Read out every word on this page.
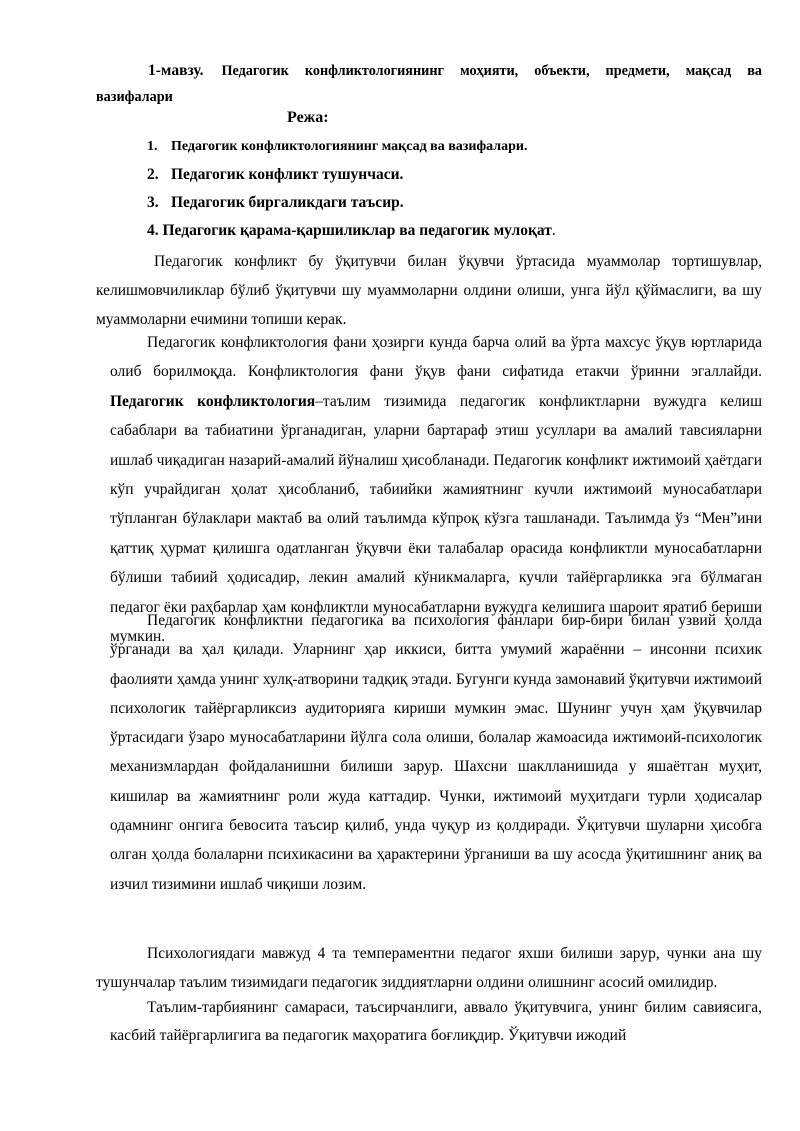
1-мавзу. Педагогик конфликтологиянинг моҳияти, объекти, предмети, мақсад ва вазифалари
Режа:
1. Педагогик конфликтологиянинг мақсад ва вазифалари.
2. Педагогик конфликт тушунчаси.
3. Педагогик биргаликдаги таъсир.
4. Педагогик қарама-қаршиликлар ва педагогик мулоқат.

Педагогик конфликт бу ўқитувчи билан ўқувчи ўртасида муаммолар тортишувлар, келишмовчиликлар бўлиб ўқитувчи шу муаммоларни олдини олиши, унга йўл қўймаслиги, ва шу муаммоларни ечимини топиши керак.

Педагогик конфликтология фани ҳозирги кунда барча олий ва ўрта махсус ўқув юртларида олиб борилмоқда. Конфликтология фани ўқув фани сифатида етакчи ўринни эгаллайди. Педагогик конфликтология–таълим тизимида педагогик конфликтларни вужудга келиш сабаблари ва табиатини ўрганадиган, уларни бартараф этиш усуллари ва амалий тавсияларни ишлаб чиқадиган назарий-амалий йўналиш ҳисобланади. Педагогик конфликт ижтимоий ҳаётдаги кўп учрайдиган ҳолат ҳисобланиб, табиийки жамиятнинг кучли ижтимоий муносабатлари тўпланган бўлаклари мактаб ва олий таълимда кўпроқ кўзга ташланади. Таълимда ўз “Мен”ини қаттиқ ҳурмат қилишга одатланган ўқувчи ёки талабалар орасида конфликтли муносабатларни бўлиши табиий ҳодисадир, лекин амалий кўникмаларга, кучли тайёргарликка эга бўлмаган педагог ёки раҳбарлар ҳам конфликтли муносабатларни вужудга келишига шароит яратиб бериши мумкин.

Педагогик конфликтни педагогика ва психология фанлари бир-бири билан узвий ҳолда ўрганади ва ҳал қилади. Уларнинг ҳар иккиси, битта умумий жараённи – инсонни психик фаолияти ҳамда унинг хулқ-атворини тадқиқ этади. Бугунги кунда замонавий ўқитувчи ижтимоий психологик тайёргарликсиз аудиторияга кириши мумкин эмас. Шунинг учун ҳам ўқувчилар ўртасидаги ўзаро муносабатларини йўлга сола олиши, болалар жамоасида ижтимоий-психологик механизмлардан фойдаланишни билиши зарур. Шахсни шаклланишида у яшаётган муҳит, кишилар ва жамиятнинг роли жуда каттадир. Чунки, ижтимоий муҳитдаги турли ҳодисалар одамнинг онгига бевосита таъсир қилиб, унда чуқур из қолдиради. Ўқитувчи шуларни ҳисобга олган ҳолда болаларни психикасини ва ҳарактерини ўрганиши ва шу асосда ўқитишнинг аниқ ва изчил тизимини ишлаб чиқиши лозим.

Психологиядаги мавжуд 4 та темпераментни педагог яхши билиши зарур, чунки ана шу тушунчалар таълим тизимидаги педагогик зиддиятларни олдини олишнинг асосий омилидир.

Таълим-тарбиянинг самараси, таъсирчанлиги, аввало ўқитувчига, унинг билим савиясига, касбий тайёргарлигига ва педагогик маҳоратига боғлиқдир. Ўқитувчи ижодий
